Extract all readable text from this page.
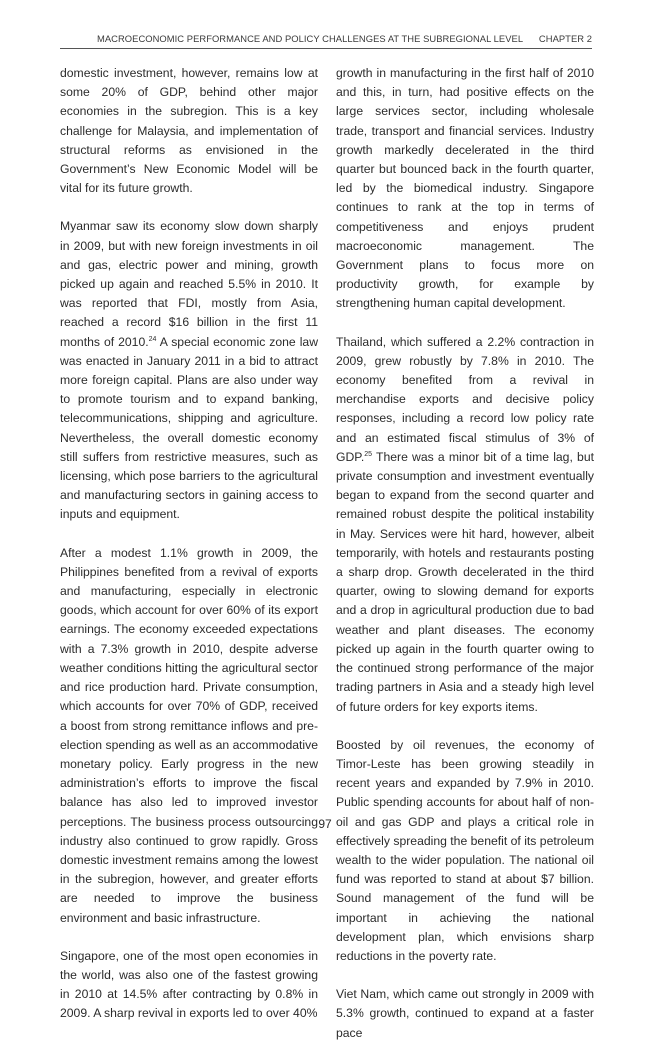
MACROECONOMIC PERFORMANCE AND POLICY CHALLENGES AT THE SUBREGIONAL LEVEL CHAPTER 2

domestic investment, however, remains low at some 20% of GDP, behind other major economies in the subregion. This is a key challenge for Malaysia, and implementation of structural reforms as envisioned in the Government’s New Economic Model will be vital for its future growth.

Myanmar saw its economy slow down sharply in 2009, but with new foreign investments in oil and gas, electric power and mining, growth picked up again and reached 5.5% in 2010. It was reported that FDI, mostly from Asia, reached a record $16 billion in the first 11 months of 2010.24 A special economic zone law was enacted in January 2011 in a bid to attract more foreign capital. Plans are also under way to promote tourism and to expand banking, telecommunications, shipping and agriculture. Nevertheless, the overall domestic economy still suffers from restrictive measures, such as licensing, which pose barriers to the agricultural and manufacturing sectors in gaining access to inputs and equipment.

After a modest 1.1% growth in 2009, the Philippines benefited from a revival of exports and manufacturing, especially in electronic goods, which account for over 60% of its export earnings. The economy exceeded expectations with a 7.3% growth in 2010, despite adverse weather conditions hitting the agricultural sector and rice production hard. Private consumption, which accounts for over 70% of GDP, received a boost from strong remittance inflows and pre-election spending as well as an accommodative monetary policy. Early progress in the new administration’s efforts to improve the fiscal balance has also led to improved investor perceptions. The business process outsourcing industry also continued to grow rapidly. Gross domestic investment remains among the lowest in the subregion, however, and greater efforts are needed to improve the business environment and basic infrastructure.

Singapore, one of the most open economies in the world, was also one of the fastest growing in 2010 at 14.5% after contracting by 0.8% in 2009. A sharp revival in exports led to over 40%

growth in manufacturing in the first half of 2010 and this, in turn, had positive effects on the large services sector, including wholesale trade, transport and financial services. Industry growth markedly decelerated in the third quarter but bounced back in the fourth quarter, led by the biomedical industry. Singapore continues to rank at the top in terms of competitiveness and enjoys prudent macroeconomic management. The Government plans to focus more on productivity growth, for example by strengthening human capital development.

Thailand, which suffered a 2.2% contraction in 2009, grew robustly by 7.8% in 2010. The economy benefited from a revival in merchandise exports and decisive policy responses, including a record low policy rate and an estimated fiscal stimulus of 3% of GDP.$^{25}$ There was a minor bit of a time lag, but private consumption and investment eventually began to expand from the second quarter and remained robust despite the political instability in May. Services were hit hard, however, albeit temporarily, with hotels and restaurants posting a sharp drop. Growth decelerated in the third quarter, owing to slowing demand for exports and a drop in agricultural production due to bad weather and plant diseases. The economy picked up again in the fourth quarter owing to the continued strong performance of the major trading partners in Asia and a steady high level of future orders for key exports items.

Boosted by oil revenues, the economy of Timor-Leste has been growing steadily in recent years and expanded by 7.9% in 2010. Public spending accounts for about half of non-oil and gas GDP and plays a critical role in effectively spreading the benefit of its petroleum wealth to the wider population. The national oil fund was reported to stand at about $7 billion. Sound management of the fund will be important in achieving the national development plan, which envisions sharp reductions in the poverty rate.

Viet Nam, which came out strongly in 2009 with 5.3% growth, continued to expand at a faster pace

97
